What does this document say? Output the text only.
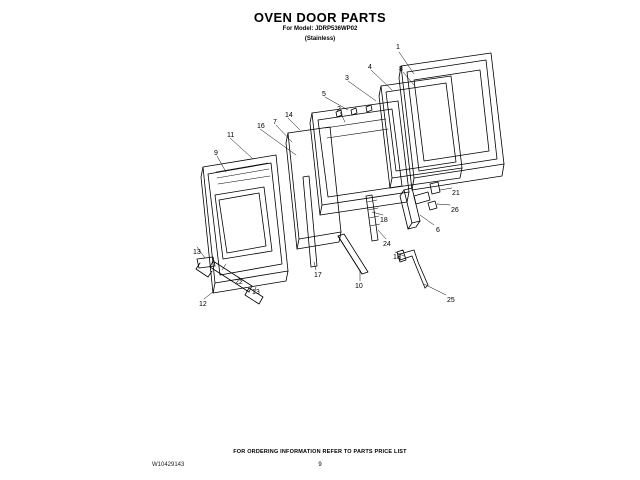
OVEN DOOR PARTS
For Model: JDRP536WP02
(Stainless)
1
4	8
3
5
2
14
7
16
11
9
21
26
18
6
24
13
10
18
17
22
13
25
12
FOR ORDERING INFORMATION REFER TO PARTS PRICE LIST
9
W10429143
